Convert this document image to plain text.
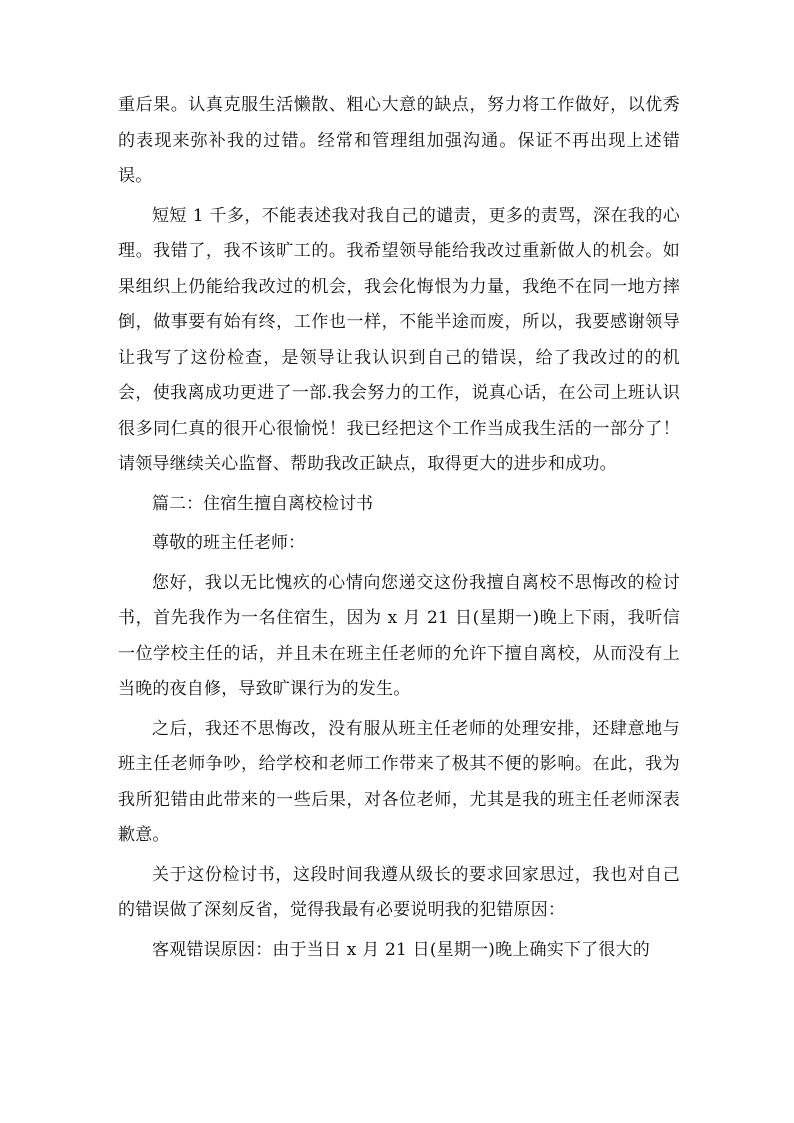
重后果。认真克服生活懒散、粗心大意的缺点，努力将工作做好，以优秀的表现来弥补我的过错。经常和管理组加强沟通。保证不再出现上述错误。

短短 1 千多，不能表述我对我自己的谴责，更多的责骂，深在我的心理。我错了，我不该旷工的。我希望领导能给我改过重新做人的机会。如果组织上仍能给我改过的机会，我会化悔恨为力量，我绝不在同一地方摔倒，做事要有始有终，工作也一样，不能半途而废，所以，我要感谢领导让我写了这份检查，是领导让我认识到自己的错误，给了我改过的的机会，使我离成功更进了一部.我会努力的工作，说真心话，在公司上班认识很多同仁真的很开心很愉悦！我已经把这个工作当成我生活的一部分了！请领导继续关心监督、帮助我改正缺点，取得更大的进步和成功。

篇二：住宿生擅自离校检讨书

尊敬的班主任老师：

您好，我以无比愧疚的心情向您递交这份我擅自离校不思悔改的检讨书，首先我作为一名住宿生，因为 x 月 21 日(星期一)晚上下雨，我听信一位学校主任的话，并且未在班主任老师的允许下擅自离校，从而没有上当晚的夜自修，导致旷课行为的发生。

之后，我还不思悔改，没有服从班主任老师的处理安排，还肆意地与班主任老师争吵，给学校和老师工作带来了极其不便的影响。在此，我为我所犯错由此带来的一些后果，对各位老师，尤其是我的班主任老师深表歉意。

关于这份检讨书，这段时间我遵从级长的要求回家思过，我也对自己的错误做了深刻反省，觉得我最有必要说明我的犯错原因：

客观错误原因：由于当日 x 月 21 日(星期一)晚上确实下了很大的
